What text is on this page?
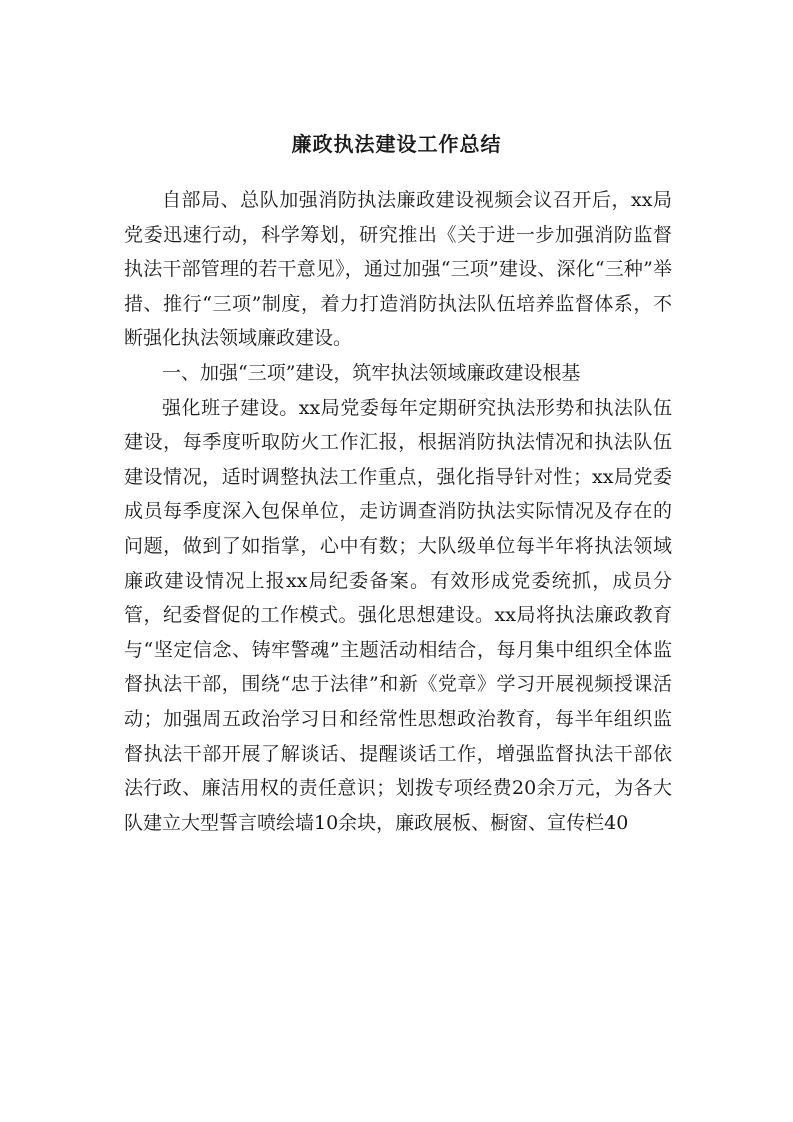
廉政执法建设工作总结

自部局、总队加强消防执法廉政建设视频会议召开后，xx局党委迅速行动，科学筹划，研究推出《关于进一步加强消防监督执法干部管理的若干意见》，通过加强“三项”建设、深化“三种”举措、推行“三项”制度，着力打造消防执法队伍培养监督体系，不断强化执法领域廉政建设。

一、加强“三项”建设，筑牢执法领域廉政建设根基

强化班子建设。xx局党委每年定期研究执法形势和执法队伍建设，每季度听取防火工作汇报，根据消防执法情况和执法队伍建设情况，适时调整执法工作重点，强化指导针对性；xx局党委成员每季度深入包保单位，走访调查消防执法实际情况及存在的问题，做到了如指掌，心中有数；大队级单位每半年将执法领域廉政建设情况上报xx局纪委备案。有效形成党委统抓，成员分管，纪委督促的工作模式。强化思想建设。xx局将执法廉政教育与“坚定信念、铸牢警魂”主题活动相结合，每月集中组织全体监督执法干部，围绕“忠于法律”和新《党章》学习开展视频授课活动；加强周五政治学习日和经常性思想政治教育，每半年组织监督执法干部开展了解谈话、提醒谈话工作，增强监督执法干部依法行政、廉洁用权的责任意识；划拨专项经费20余万元，为各大队建立大型誓言喷绘墙10余块，廉政展板、橱窗、宣传栏40
